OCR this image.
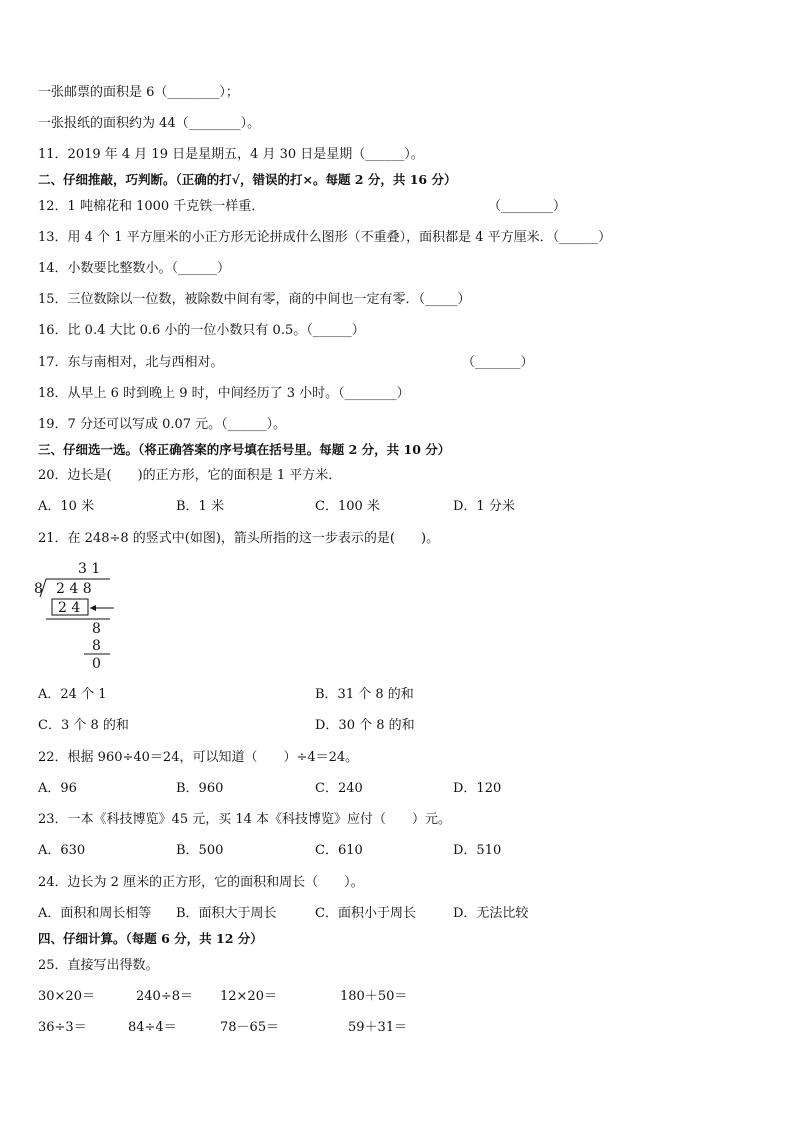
一张邮票的面积是 6（________）；
一张报纸的面积约为 44（________）。
11．2019 年 4 月 19 日是星期五，4 月 30 日是星期（______）。
二、仔细推敲，巧判断。（正确的打√，错误的打×。每题 2 分，共 16 分）
12．1 吨棉花和 1000 千克铁一样重．	（________）
13．用 4 个 1 平方厘米的小正方形无论拼成什么图形（不重叠），面积都是 4 平方厘米．（______）
14．小数要比整数小。（______）
15．三位数除以一位数，被除数中间有零，商的中间也一定有零．（_____）
16．比 0.4 大比 0.6 小的一位小数只有 0.5。（______）
17．东与南相对，北与西相对。	（_______）
18．从早上 6 时到晚上 9 时，中间经历了 3 小时。（________）
19．7 分还可以写成 0.07 元。（______）。
三、仔细选一选。（将正确答案的序号填在括号里。每题 2 分，共 10 分）
20．边长是(　　)的正方形，它的面积是 1 平方米．
A．10 米	B．1 米	C．100 米	D．1 分米
21．在 248÷8 的竖式中(如图)，箭头所指的这一步表示的是(　　)。
3 1
8 2 4 8
2 4
8
8
0
A．24 个 1	B．31 个 8 的和
C．3 个 8 的和	D．30 个 8 的和
22．根据 960÷40＝24，可以知道（　　）÷4＝24。
A．96	B．960	C．240	D．120
23．一本《科技博览》45 元，买 14 本《科技博览》应付（　　）元。
A．630	B．500	C．610	D．510
24．边长为 2 厘米的正方形，它的面积和周长（　　）。
A．面积和周长相等 B．面积大于周长	C．面积小于周长	D．无法比较
四、仔细计算。（每题 6 分，共 12 分）
25．直接写出得数。
30×20＝	240÷8＝ 12×20＝	180＋50＝
36÷3＝	84÷4＝	78－65＝	59＋31＝
